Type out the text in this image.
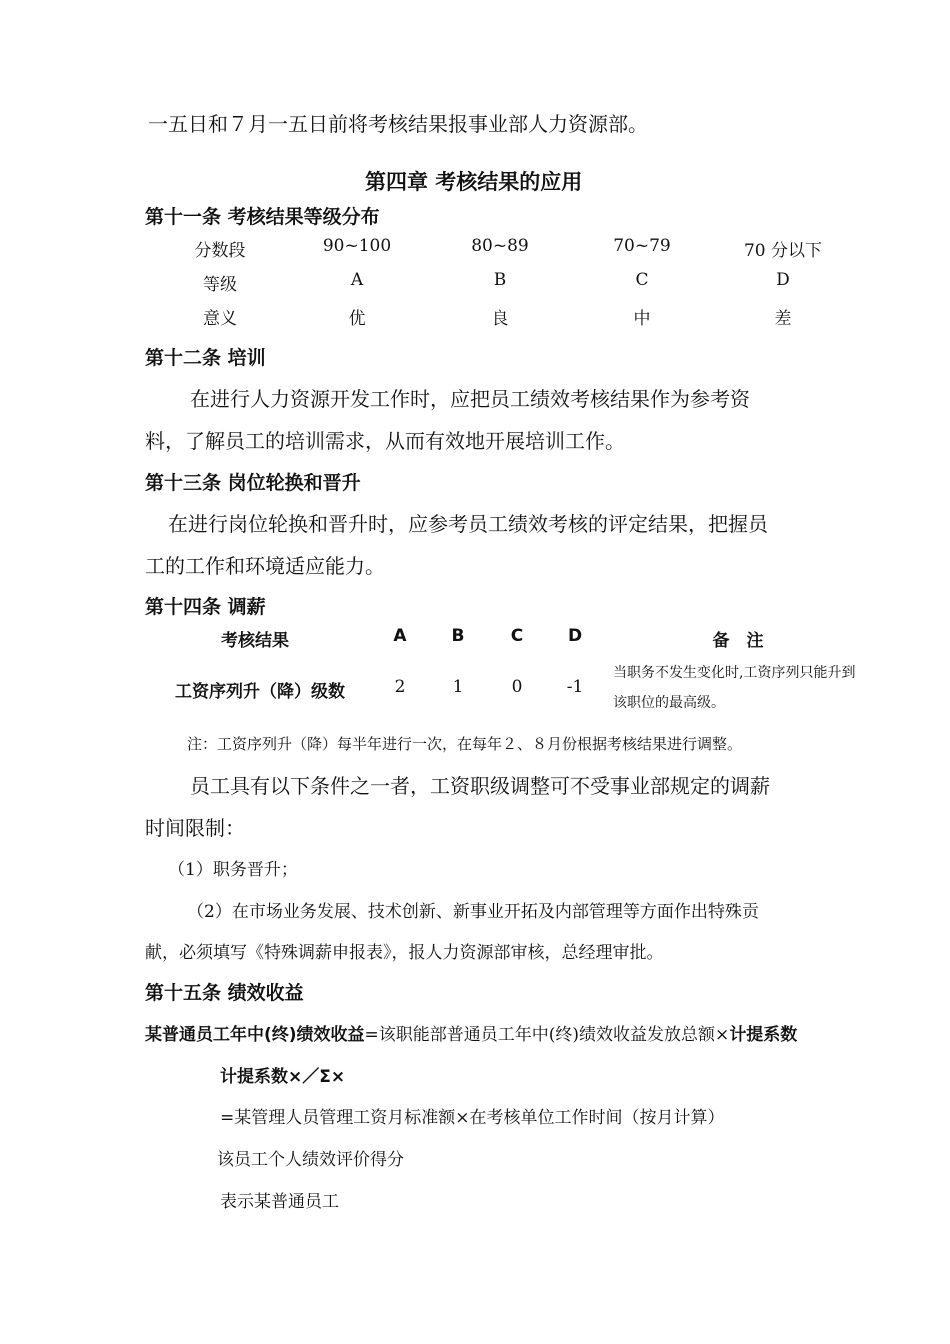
一五日和７月一五日前将考核结果报事业部人力资源部。
第四章 考核结果的应用
第十一条 考核结果等级分布
分数段	90~100	80~89	70~79	70 分以下
等级	A	B	C	D
意义	优	良	中	差
第十二条 培训
在进行人力资源开发工作时，应把员工绩效考核结果作为参考资
料，了解员工的培训需求，从而有效地开展培训工作。
第十三条 岗位轮换和晋升
在进行岗位轮换和晋升时，应参考员工绩效考核的评定结果，把握员
工的工作和环境适应能力。
第十四条 调薪
考核结果	A	B	C	D	备　注
工资序列升（降）级数	2	1	0	-1
当职务不发生变化时,工资序列只能升到该职位的最高级。
注：工资序列升（降）每半年进行一次，在每年２、８月份根据考核结果进行调整。
员工具有以下条件之一者，工资职级调整可不受事业部规定的调薪
时间限制：
（1）职务晋升；
（2）在市场业务发展、技术创新、新事业开拓及内部管理等方面作出特殊贡
献，必须填写《特殊调薪申报表》，报人力资源部审核，总经理审批。
第十五条 绩效收益
某普通员工年中(终)绩效收益=该职能部普通员工年中(终)绩效收益发放总额×计提系数
计提系数×／Σ×
=某管理人员管理工资月标准额×在考核单位工作时间（按月计算）
该员工个人绩效评价得分
表示某普通员工
